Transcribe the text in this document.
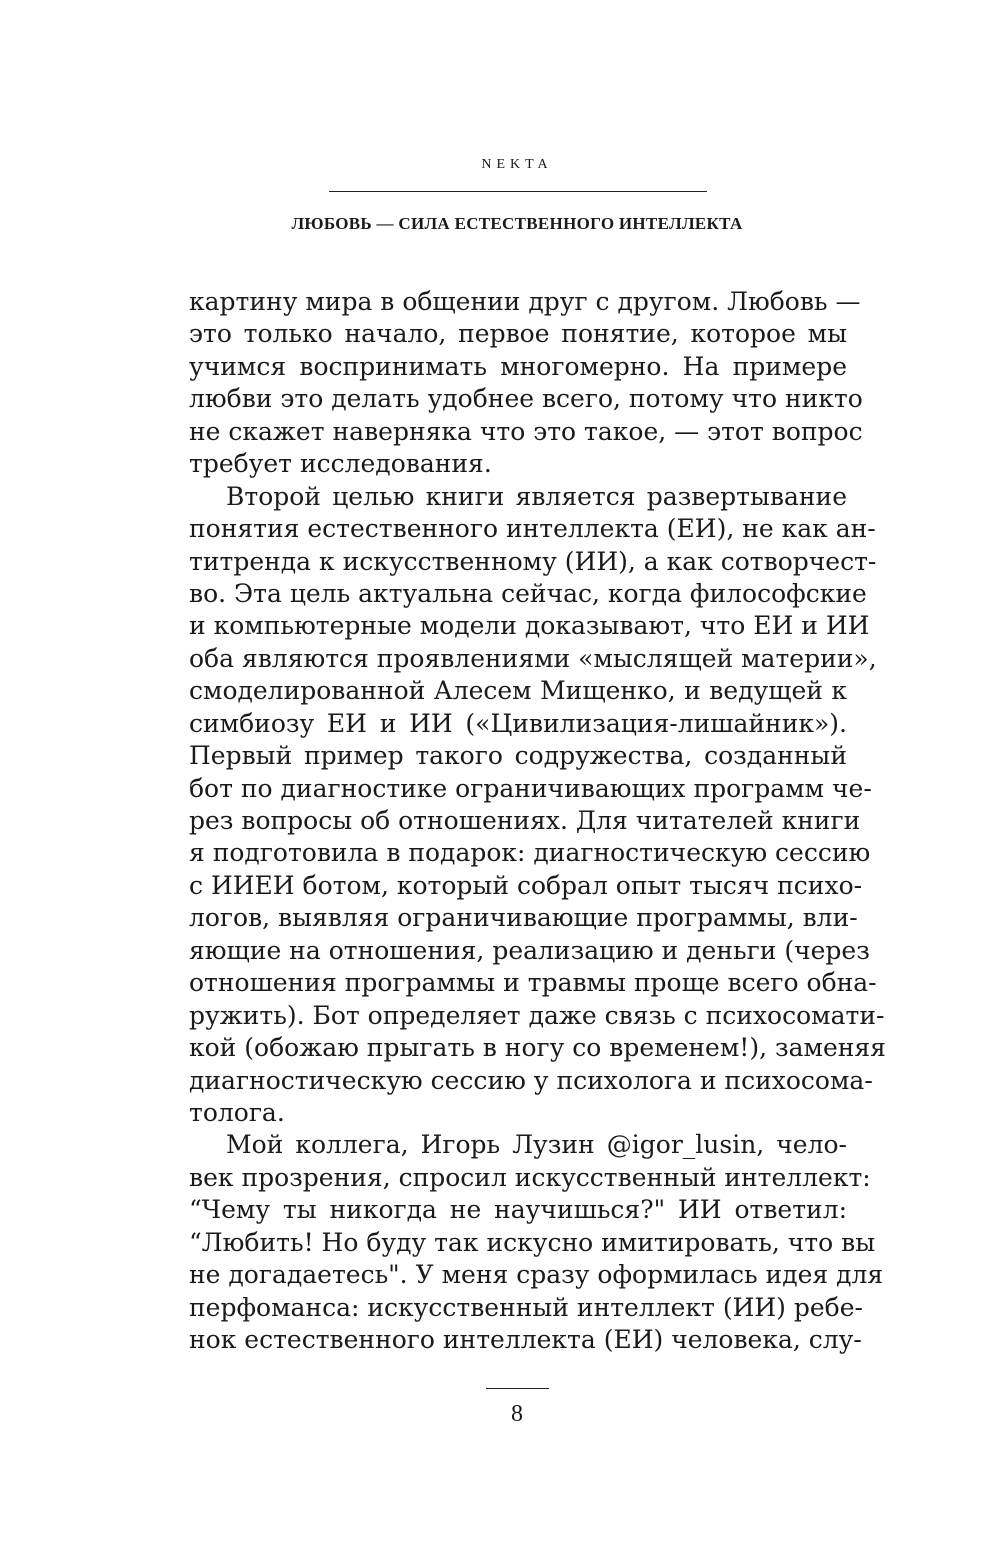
NEKTA
ЛЮБОВЬ — СИЛА ЕСТЕСТВЕННОГО ИНТЕЛЛЕКТА
картину мира в общении друг с другом. Любовь —
это только начало, первое понятие, которое мы
учимся воспринимать многомерно. На примере
любви это делать удобнее всего, потому что никто
не скажет наверняка что это такое, — этот вопрос
требует исследования.
Второй целью книги является развертывание
понятия естественного интеллекта (ЕИ), не как ан-
титренда к искусственному (ИИ), а как сотворчест-
во. Эта цель актуальна сейчас, когда философские
и компьютерные модели доказывают, что ЕИ и ИИ
оба являются проявлениями «мыслящей материи»,
смоделированной Алесем Мищенко, и ведущей к
симбиозу ЕИ и ИИ («Цивилизация-лишайник»).
Первый пример такого содружества, созданный
бот по диагностике ограничивающих программ че-
рез вопросы об отношениях. Для читателей книги
я подготовила в подарок: диагностическую сессию
с ИИЕИ ботом, который собрал опыт тысяч психо-
логов, выявляя ограничивающие программы, вли-
яющие на отношения, реализацию и деньги (через
отношения программы и травмы проще всего обна-
ружить). Бот определяет даже связь с психосомати-
кой (обожаю прыгать в ногу со временем!), заменяя
диагностическую сессию у психолога и психосома-
толога.
Мой коллега, Игорь Лузин @igor_lusin, чело-
век прозрения, спросил искусственный интеллект:
“Чему ты никогда не научишься?" ИИ ответил:
“Любить! Но буду так искусно имитировать, что вы
не догадаетесь". У меня сразу оформилась идея для
перфоманса: искусственный интеллект (ИИ) ребе-
нок естественного интеллекта (ЕИ) человека, слу-
8
